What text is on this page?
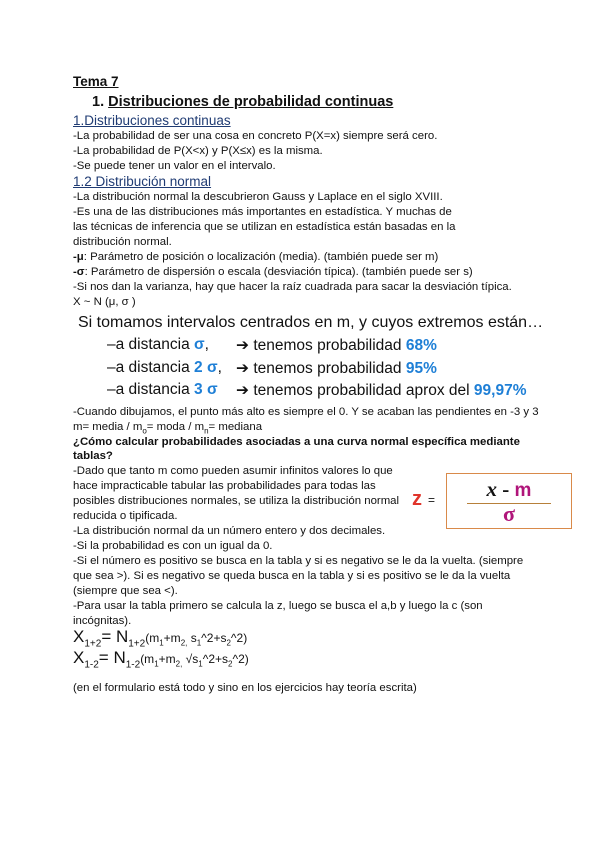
Tema 7
1. Distribuciones de probabilidad continuas
1.Distribuciones continuas
-La probabilidad de ser una cosa en concreto P(X=x) siempre será cero.
-La probabilidad de P(X<x) y P(X≤x) es la misma.
-Se puede tener un valor en el intervalo.
1.2 Distribución normal
-La distribución normal la descubrieron Gauss y Laplace en el siglo XVIII.
-Es una de las distribuciones más importantes en estadística. Y muchas de
las técnicas de inferencia que se utilizan en estadística están basadas en la
distribución normal.
-μ: Parámetro de posición o localización (media). (también puede ser m)
-σ: Parámetro de dispersión o escala (desviación típica). (también puede ser s)
-Si nos dan la varianza, hay que hacer la raíz cuadrada para sacar la desviación típica.
X ~ N (μ, σ )
Si tomamos intervalos centrados en m, y cuyos extremos están…
–a distancia σ, ➔ tenemos probabilidad 68%
–a distancia 2 σ, ➔ tenemos probabilidad 95%
–a distancia 3 σ ➔ tenemos probabilidad aprox del 99,97%
-Cuando dibujamos, el punto más alto es siempre el 0. Y se acaban las pendientes en -3 y 3
m= media / $m_o=$ moda / $m_n=$ mediana
¿Cómo calcular probabilidades asociadas a una curva normal específica mediante
tablas?
-Dado que tanto m como pueden asumir infinitos valores lo que
hace impracticable tabular las probabilidades para todas las
posibles distribuciones normales, se utiliza la distribución normal
reducida o tipificada.
z =	x - m
σ
-La distribución normal da un número entero y dos decimales.
-Si la probabilidad es con un igual da 0.
-Si el número es positivo se busca en la tabla y si es negativo se le da la vuelta. (siempre
que sea >). Si es negativo se queda busca en la tabla y si es positivo se le da la vuelta
(siempre que sea <).
-Para usar la tabla primero se calcula la z, luego se busca el a,b y luego la c (son
incógnitas).
$X_{1+2}= N_{1+2}(m_1+m_{2,}$ $s_1\^{}2+s_2\^{}2$)
$X_{1-2}= N_{1-2}(m_1+m_{2,}$ $√s_1\^{}2+s_2\^{}2$)
(en el formulario está todo y sino en los ejercicios hay teoría escrita)
